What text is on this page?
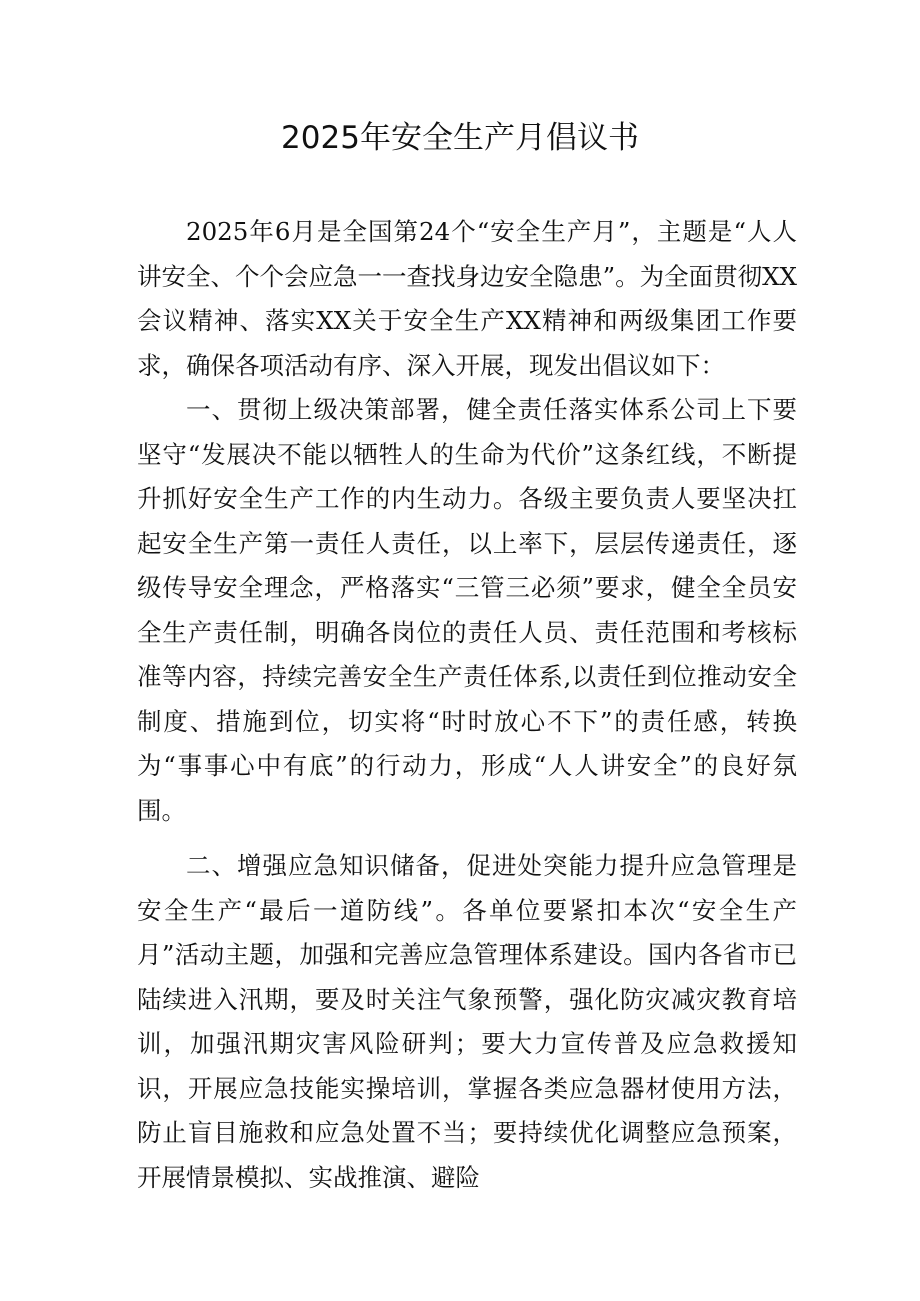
2025年安全生产月倡议书

2025年6月是全国第24个“安全生产月”，主题是“人人讲安全、个个会应急一一查找身边安全隐患”。为全面贯彻XX会议精神、落实XX关于安全生产XX精神和两级集团工作要求，确保各项活动有序、深入开展，现发出倡议如下：

一、贯彻上级决策部署，健全责任落实体系公司上下要坚守“发展决不能以牺牲人的生命为代价”这条红线，不断提升抓好安全生产工作的内生动力。各级主要负责人要坚决扛起安全生产第一责任人责任，以上率下，层层传递责任，逐级传导安全理念，严格落实“三管三必须”要求，健全全员安全生产责任制，明确各岗位的责任人员、责任范围和考核标准等内容，持续完善安全生产责任体系,以责任到位推动安全制度、措施到位，切实将“时时放心不下”的责任感，转换为“事事心中有底”的行动力，形成“人人讲安全”的良好氛围。

二、增强应急知识储备，促进处突能力提升应急管理是安全生产“最后一道防线”。各单位要紧扣本次“安全生产月”活动主题，加强和完善应急管理体系建设。国内各省市已陆续进入汛期，要及时关注气象预警，强化防灾减灾教育培训，加强汛期灾害风险研判；要大力宣传普及应急救援知识，开展应急技能实操培训，掌握各类应急器材使用方法，防止盲目施救和应急处置不当；要持续优化调整应急预案，开展情景模拟、实战推演、避险
